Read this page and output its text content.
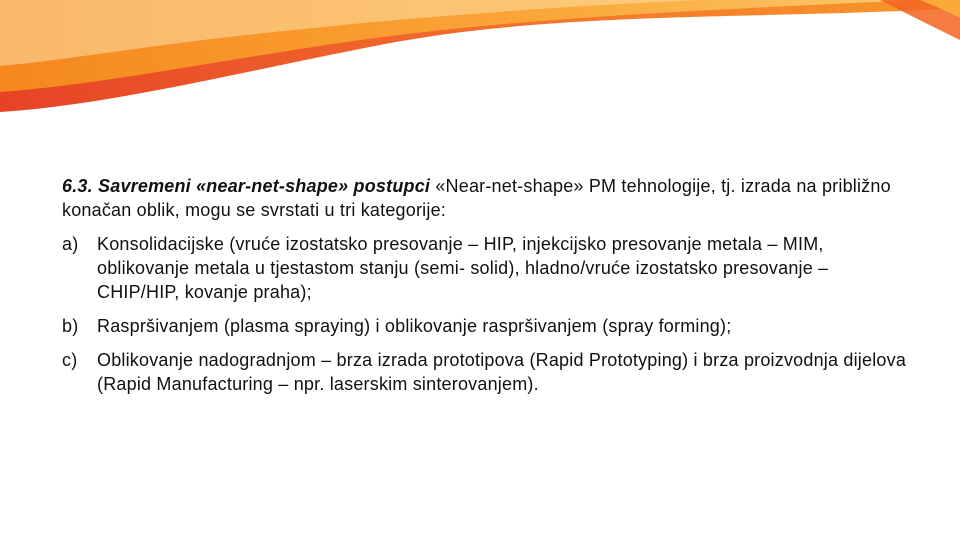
6.3. Savremeni «near-net-shape» postupci «Near-net-shape» PM tehnologije, tj. izrada na približno konačan oblik, mogu se svrstati u tri kategorije:

a)	Konsolidacijske (vruće izostatsko presovanje – HIP, injekcijsko presovanje metala – MIM, oblikovanje metala u tjestastom stanju (semi- solid), hladno/vruće izostatsko presovanje – CHIP/HIP, kovanje praha);
b)	Raspršivanjem (plasma spraying) i oblikovanje raspršivanjem (spray forming);
c)	Oblikovanje nadogradnjom – brza izrada prototipova (Rapid Prototyping) i brza proizvodnja dijelova (Rapid Manufacturing – npr. laserskim sinterovanjem).
